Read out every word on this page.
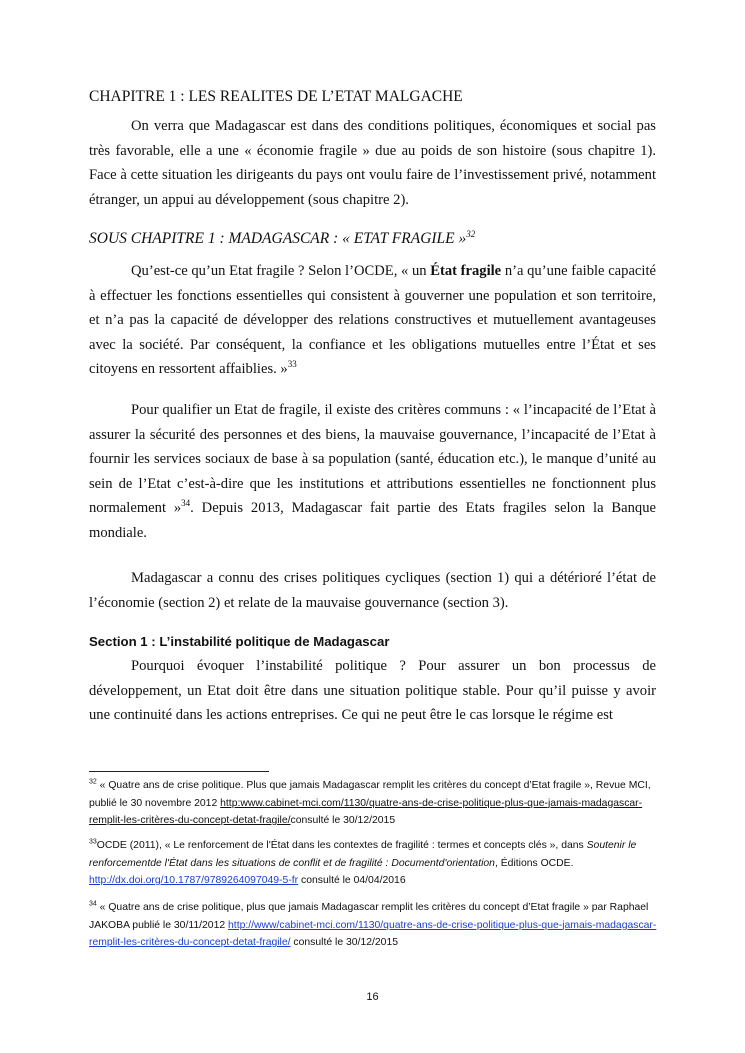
CHAPITRE 1 : LES REALITES DE L’ETAT MALGACHE

On verra que Madagascar est dans des conditions politiques, économiques et social pas très favorable, elle a une « économie fragile » due au poids de son histoire (sous chapitre 1). Face à cette situation les dirigeants du pays ont voulu faire de l’investissement privé, notamment étranger, un appui au développement (sous chapitre 2).

SOUS CHAPITRE 1 : MADAGASCAR : « ETAT FRAGILE »$^{32}$

Qu’est-ce qu’un Etat fragile ? Selon l’OCDE, « un État fragile n’a qu’une faible capacité à effectuer les fonctions essentielles qui consistent à gouverner une population et son territoire, et n’a pas la capacité de développer des relations constructives et mutuellement avantageuses avec la société. Par conséquent, la confiance et les obligations mutuelles entre l’État et ses citoyens en ressortent affaiblies. »$^{33}$

Pour qualifier un Etat de fragile, il existe des critères communs : « l’incapacité de l’Etat à assurer la sécurité des personnes et des biens, la mauvaise gouvernance, l’incapacité de l’Etat à fournir les services sociaux de base à sa population (santé, éducation etc.), le manque d’unité au sein de l’Etat c’est-à-dire que les institutions et attributions essentielles ne fonctionnent plus normalement »$^{34}$. Depuis 2013, Madagascar fait partie des Etats fragiles selon la Banque mondiale.

Madagascar a connu des crises politiques cycliques (section 1) qui a détérioré l’état de l’économie (section 2) et relate de la mauvaise gouvernance (section 3).

Section 1 : L’instabilité politique de Madagascar

Pourquoi évoquer l’instabilité politique ? Pour assurer un bon processus de développement, un Etat doit être dans une situation politique stable. Pour qu’il puisse y avoir une continuité dans les actions entreprises. Ce qui ne peut être le cas lorsque le régime est

$^{32}$ « Quatre ans de crise politique. Plus que jamais Madagascar remplit les critères du concept d’Etat fragile », Revue MCI, publié le 30 novembre 2012 http:www.cabinet-mci.com/1130/quatre-ans-de-crise-politique-plus-que-jamais-madagascar-remplit-les-critères-du-concept-detat-fragile/consulté le 30/12/2015
$^{33}$OCDE (2011), « Le renforcement de l'État dans les contextes de fragilité : termes et concepts clés », dans Soutenir le renforcementde l'État dans les situations de conflit et de fragilité : Documentd'orientation, Éditions OCDE. http://dx.doi.org/10.1787/9789264097049-5-fr consulté le 04/04/2016
$^{34}$ « Quatre ans de crise politique, plus que jamais Madagascar remplit les critères du concept d’Etat fragile » par Raphael JAKOBA publié le 30/11/2012 http://www/cabinet-mci.com/1130/quatre-ans-de-crise-politique-plus-que-jamais-madagascar-remplit-les-critères-du-concept-detat-fragile/ consulté le 30/12/2015
16
